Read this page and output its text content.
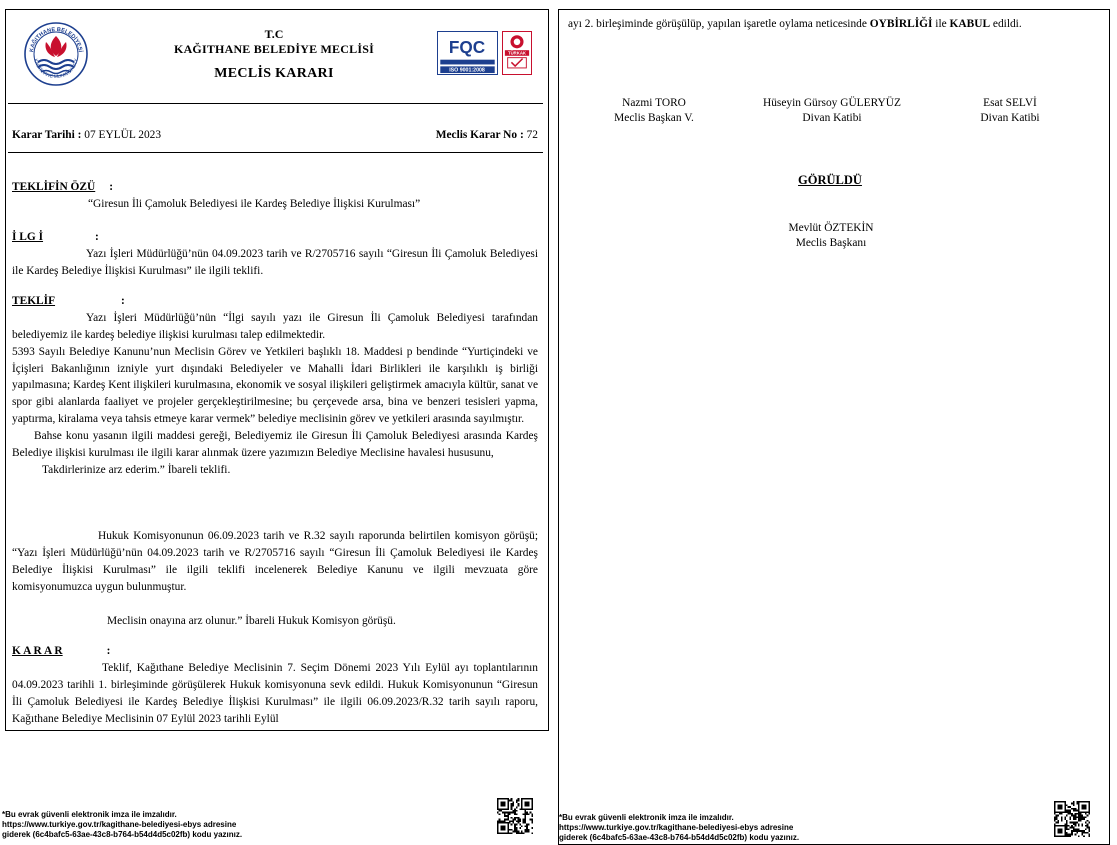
KAĞITHANE BELEDİYESİ
KAĞITHANE MUNICIPALITY
T.C
KAĞITHANE BELEDİYE MECLİSİ
MECLİS KARARI
FQC
ISO 9001:2008
TÜRKAK
Karar Tarihi : 07 EYLÜL 2023	Meclis Karar No : 72
TEKLİFİN ÖZÜ :

“Giresun İli Çamoluk Belediyesi ile Kardeş Belediye İlişkisi Kurulması”

İ LG İ	:

Yazı İşleri Müdürlüğü’nün 04.09.2023 tarih ve R/2705716 sayılı “Giresun İli Çamoluk Belediyesi ile Kardeş Belediye İlişkisi Kurulması” ile ilgili teklifi.

TEKLİF	:

Yazı İşleri Müdürlüğü’nün “İlgi sayılı yazı ile Giresun İli Çamoluk Belediyesi tarafından belediyemiz ile kardeş belediye ilişkisi kurulması talep edilmektedir.

5393 Sayılı Belediye Kanunu’nun Meclisin Görev ve Yetkileri başlıklı 18. Maddesi p bendinde “Yurtiçindeki ve İçişleri Bakanlığının izniyle yurt dışındaki Belediyeler ve Mahalli İdari Birlikleri ile karşılıklı iş birliği yapılmasına; Kardeş Kent ilişkileri kurulmasına, ekonomik ve sosyal ilişkileri geliştirmek amacıyla kültür, sanat ve spor gibi alanlarda faaliyet ve projeler gerçekleştirilmesine; bu çerçevede arsa, bina ve benzeri tesisleri yapma, yaptırma, kiralama veya tahsis etmeye karar vermek” belediye meclisinin görev ve yetkileri arasında sayılmıştır.

Bahse konu yasanın ilgili maddesi gereği, Belediyemiz ile Giresun İli Çamoluk Belediyesi arasında Kardeş Belediye ilişkisi kurulması ile ilgili karar alınmak üzere yazımızın Belediye Meclisine havalesi hususunu,

Takdirlerinize arz ederim.” İbareli teklifi.

Hukuk Komisyonunun 06.09.2023 tarih ve R.32 sayılı raporunda belirtilen komisyon görüşü; “Yazı İşleri Müdürlüğü’nün 04.09.2023 tarih ve R/2705716 sayılı “Giresun İli Çamoluk Belediyesi ile Kardeş Belediye İlişkisi Kurulması” ile ilgili teklifi incelenerek Belediye Kanunu ve ilgili mevzuata göre komisyonumuzca uygun bulunmuştur.

Meclisin onayına arz olunur.” İbareli Hukuk Komisyon görüşü.

K A R A R	:

Teklif, Kağıthane Belediye Meclisinin 7. Seçim Dönemi 2023 Yılı Eylül ayı toplantılarının 04.09.2023 tarihli 1. birleşiminde görüşülerek Hukuk komisyonuna sevk edildi. Hukuk Komisyonunun “Giresun İli Çamoluk Belediyesi ile Kardeş Belediye İlişkisi Kurulması” ile ilgili 06.09.2023/R.32 tarih sayılı raporu, Kağıthane Belediye Meclisinin 07 Eylül 2023 tarihli Eylül

ayı 2. birleşiminde görüşülüp, yapılan işaretle oylama neticesinde OYBİRLİĞİ ile KABUL edildi.
Nazmi TORO
Meclis Başkan V.
Hüseyin Gürsoy GÜLERYÜZ
Divan Katibi
Esat SELVİ
Divan Katibi
GÖRÜLDÜ
Mevlüt ÖZTEKİN
Meclis Başkanı
*Bu evrak güvenli elektronik imza ile imzalıdır.
https://www.turkiye.gov.tr/kagithane-belediyesi-ebys adresine
giderek (6c4bafc5-63ae-43c8-b764-b54d4d5c02fb) kodu yazınız.
*Bu evrak güvenli elektronik imza ile imzalıdır.
https://www.turkiye.gov.tr/kagithane-belediyesi-ebys adresine
giderek (6c4bafc5-63ae-43c8-b764-b54d4d5c02fb) kodu yazınız.
